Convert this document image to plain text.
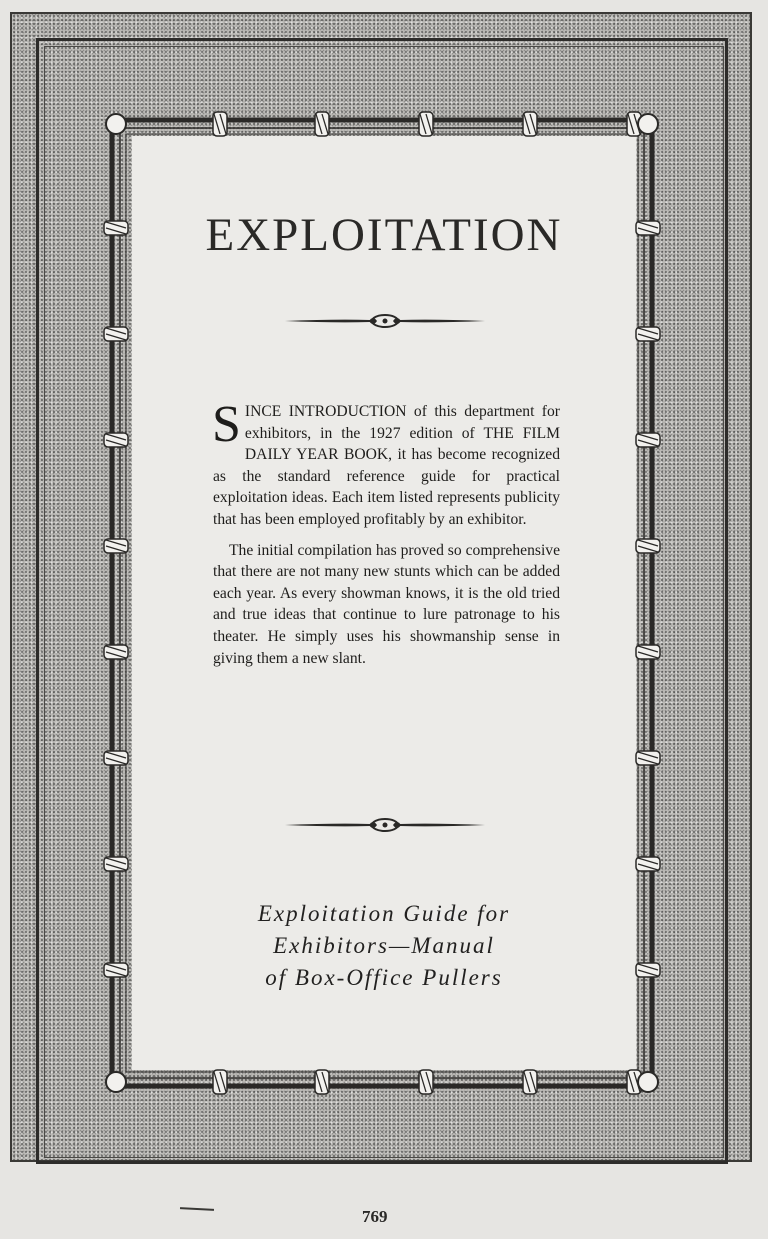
EXPLOITATION

SINCE INTRODUCTION of this department for exhibitors, in the 1927 edition of THE FILM DAILY YEAR BOOK, it has become recognized as the standard reference guide for practical exploitation ideas. Each item listed represents publicity that has been employed profitably by an exhibitor.

The initial compilation has proved so comprehensive that there are not many new stunts which can be added each year. As every showman knows, it is the old tried and true ideas that continue to lure patronage to his theater. He simply uses his showmanship sense in giving them a new slant.

Exploitation Guide for
Exhibitors—Manual
of Box-Office Pullers
769
